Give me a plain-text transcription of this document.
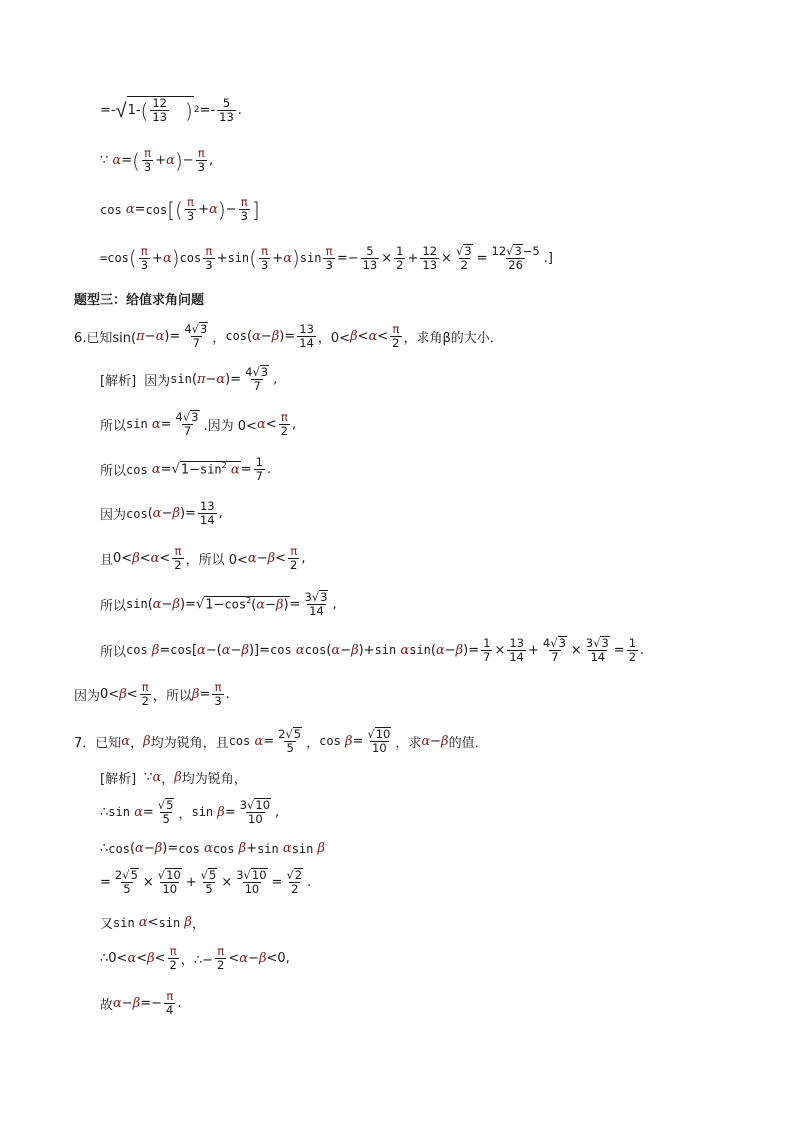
=- √ 1- ( 12
13 ) 2 =-
5
13 .
∵
α = ( π
3 + α ) −
π
3 ,
cos
α = cos [ ( π
3 + α ) −
π
3 ]
=cos ( π
3 + α ) cos
π
3 + sin ( π
3 + α ) sin
π
3 =−
5
13 ×
1
2 +
12
13 × √3
2 = 12√3−5
26 .]
题型三：给值求角问题
6.已知sin( π − α )= 4√3
7 ， cos ( α − β )=
13
14 ，0< β < α <
π
2 ，求角β的大小．
[解析] 因为 sin ( π − α )= 4√3
7 ,
所以 sin
α = 4√3
7 .因为 0< α <
π
2 ,
所以 cos
α =√ $1-\sin^2$ α =
1
7 .
因为 cos ( α − β )=
13
14 ,
且 0< β < α <
π
2 ，所以 0< α − β <
π
2 ,
所以 sin ( α − β )=√ $1-\cos^2(\alpha-\beta) = 3√3$
14 ,
所以 cos
β = cos [ α −( α − β )]= cos
α cos ( α − β )+ sin
α sin ( α − β )=
1
7 ×
13
14 + 4√3
7 × 3√3
14 =
1
2 .
因为 0< β <
π
2 ，所以 β =
π
3 .
7．已知 α ， β 均为锐角，且 cos
α = 2√5
5 ， cos
β = √10
10 ，求 α − β 的值．
[解析] ∵ α ， β 均为锐角，
∴ sin
α = √5
5 ， sin
β = 3√10
10 ,
∴ cos ( α − β )= cos
α cos
β + sin
α sin
β
= 2√5
5 × √10
10 + √5
5 × 3√10
10 = √2
2 .
又 sin
α < sin
β ，
∴0< α < β <
π
2 ，∴−
π
2 < α − β <0,
故 α − β =−
π
4 .
